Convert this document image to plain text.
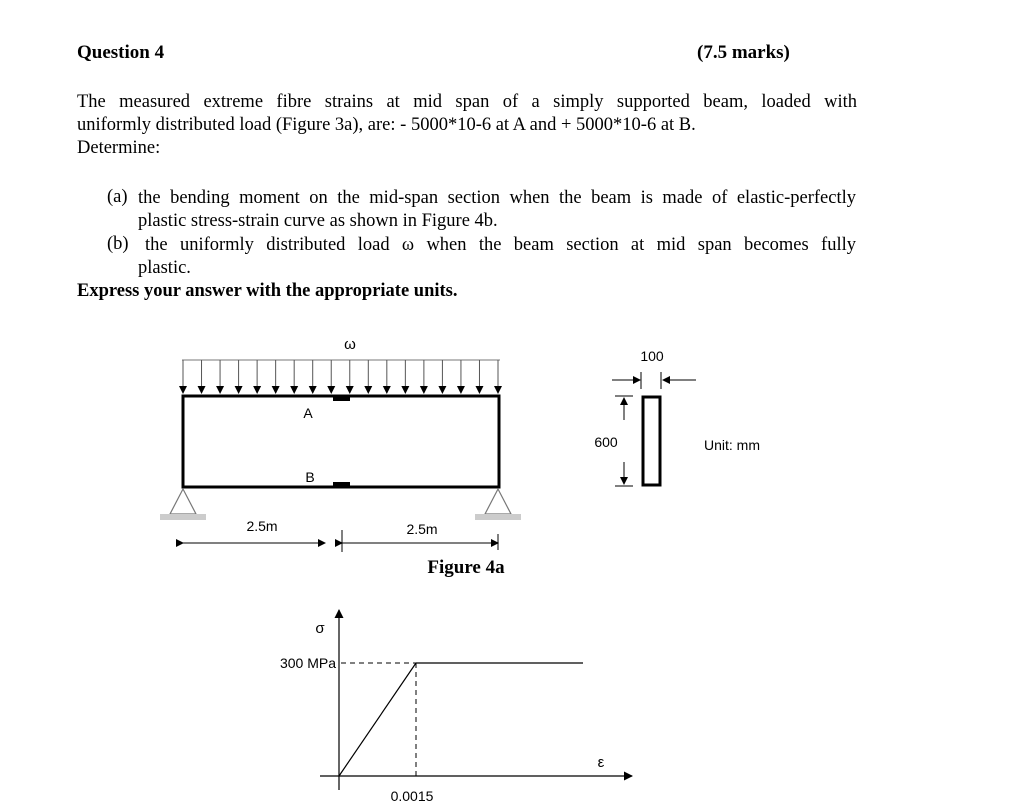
Question 4	(7.5 marks)
The measured extreme fibre strains at mid span of a simply supported beam, loaded with
uniformly distributed load (Figure 3a), are: - 5000*10-6 at A and + 5000*10-6 at B.
Determine:
(a) the bending moment on the mid-span section when the beam is made of elastic-perfectly
plastic stress-strain curve as shown in Figure 4b.
(b) the uniformly distributed load ω when the beam section at mid span becomes fully
plastic.
Express your answer with the appropriate units.
ω
A
B
2.5m	2.5m
100
600	Unit: mm
Figure 4a
σ
ε
300 MPa
0.0015
